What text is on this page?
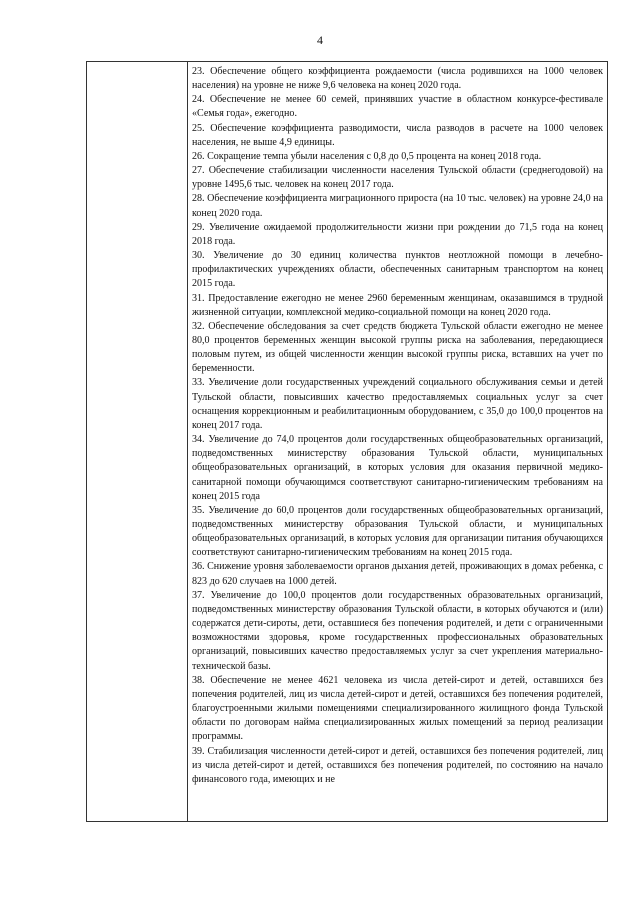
4

23. Обеспечение общего коэффициента рождаемости (числа родившихся на 1000 человек населения) на уровне не ниже 9,6 человека на конец 2020 года.

24. Обеспечение не менее 60 семей, принявших участие в областном конкурсе-фестивале «Семья года», ежегодно.

25. Обеспечение коэффициента разводимости, числа разводов в расчете на 1000 человек населения, не выше 4,9 единицы.

26. Сокращение темпа убыли населения с 0,8 до 0,5 процента на конец 2018 года.

27. Обеспечение стабилизации численности населения Тульской области (среднегодовой) на уровне 1495,6 тыс. человек на конец 2017 года.

28. Обеспечение коэффициента миграционного прироста (на 10 тыс. человек) на уровне 24,0 на конец 2020 года.

29. Увеличение ожидаемой продолжительности жизни при рождении до 71,5 года на конец 2018 года.

30. Увеличение до 30 единиц количества пунктов неотложной помощи в лечебно-профилактических учреждениях области, обеспеченных санитарным транспортом на конец 2015 года.

31. Предоставление ежегодно не менее 2960 беременным женщинам, оказавшимся в трудной жизненной ситуации, комплексной медико-социальной помощи на конец 2020 года.

32. Обеспечение обследования за счет средств бюджета Тульской области ежегодно не менее 80,0 процентов беременных женщин высокой группы риска на заболевания, передающиеся половым путем, из общей численности женщин высокой группы риска, вставших на учет по беременности.

33. Увеличение доли государственных учреждений социального обслуживания семьи и детей Тульской области, повысивших качество предоставляемых социальных услуг за счет оснащения коррекционным и реабилитационным оборудованием, с 35,0 до 100,0 процентов на конец 2017 года.

34. Увеличение до 74,0 процентов доли государственных общеобразовательных организаций, подведомственных министерству образования Тульской области, муниципальных общеобразовательных организаций, в которых условия для оказания первичной медико-санитарной помощи обучающимся соответствуют санитарно-гигиеническим требованиям на конец 2015 года

35. Увеличение до 60,0 процентов доли государственных общеобразовательных организаций, подведомственных министерству образования Тульской области, и муниципальных общеобразовательных организаций, в которых условия для организации питания обучающихся соответствуют санитарно-гигиеническим требованиям на конец 2015 года.

36. Снижение уровня заболеваемости органов дыхания детей, проживающих в домах ребенка, с 823 до 620 случаев на 1000 детей.

37. Увеличение до 100,0 процентов доли государственных образовательных организаций, подведомственных министерству образования Тульской области, в которых обучаются и (или) содержатся дети-сироты, дети, оставшиеся без попечения родителей, и дети с ограниченными возможностями здоровья, кроме государственных профессиональных образовательных организаций, повысивших качество предоставляемых услуг за счет укрепления материально-технической базы.

38. Обеспечение не менее 4621 человека из числа детей-сирот и детей, оставшихся без попечения родителей, лиц из числа детей-сирот и детей, оставшихся без попечения родителей, благоустроенными жилыми помещениями специализированного жилищного фонда Тульской области по договорам найма специализированных жилых помещений за период реализации программы.

39. Стабилизация численности детей-сирот и детей, оставшихся без попечения родителей, лиц из числа детей-сирот и детей, оставшихся без попечения родителей, по состоянию на начало финансового года, имеющих и не
